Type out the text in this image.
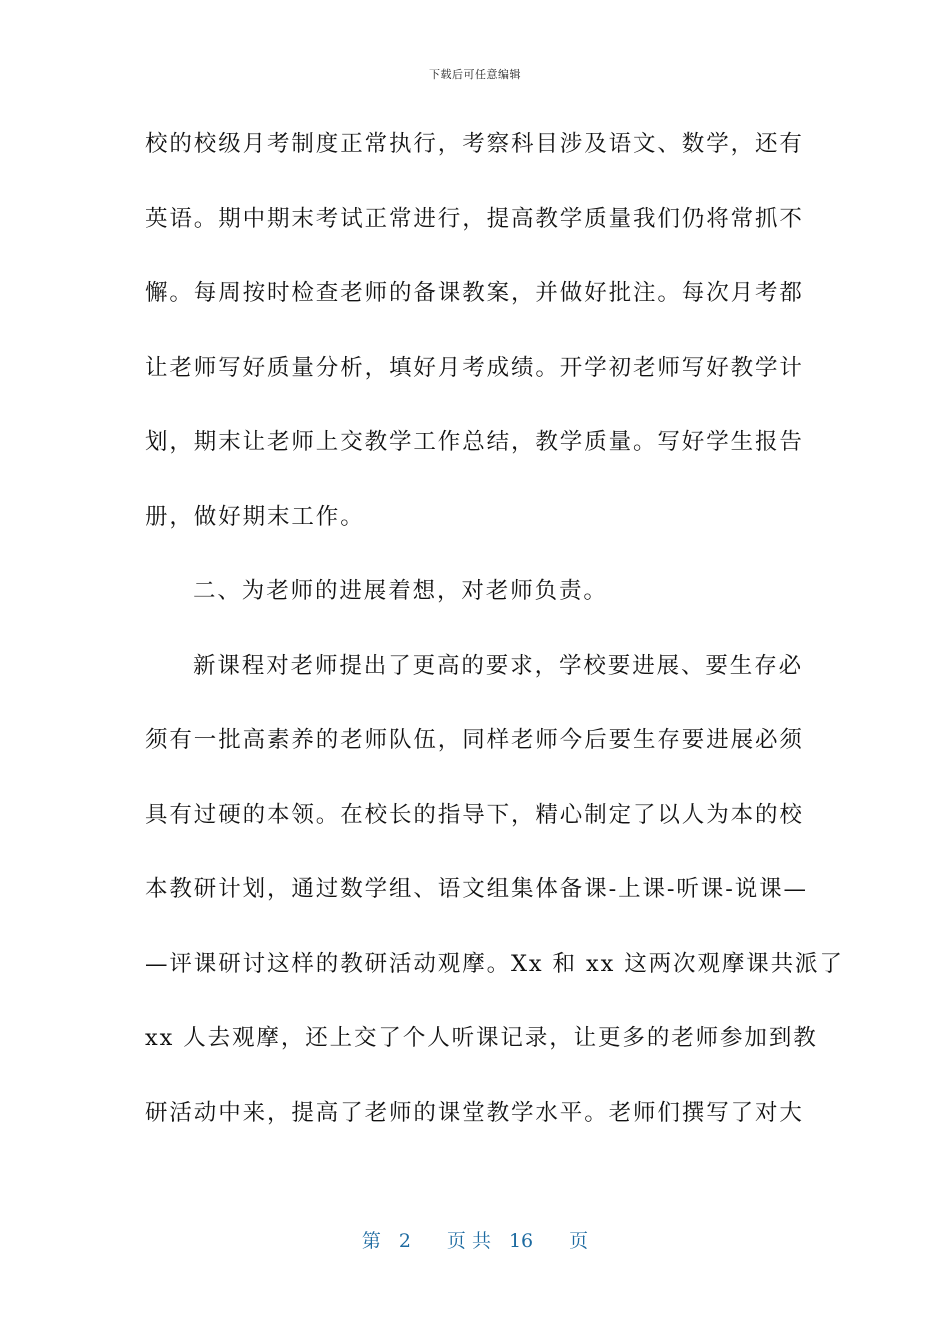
下载后可任意编辑
校的校级月考制度正常执行，考察科目涉及语文、数学，还有
英语。期中期末考试正常进行，提高教学质量我们仍将常抓不
懈。每周按时检查老师的备课教案，并做好批注。每次月考都
让老师写好质量分析，填好月考成绩。开学初老师写好教学计
划，期末让老师上交教学工作总结，教学质量。写好学生报告
册，做好期末工作。
二、为老师的进展着想，对老师负责。
新课程对老师提出了更高的要求，学校要进展、要生存必
须有一批高素养的老师队伍，同样老师今后要生存要进展必须
具有过硬的本领。在校长的指导下，精心制定了以人为本的校
本教研计划，通过数学组、语文组集体备课-上课-听课-说课—
—评课研讨这样的教研活动观摩。Xx 和 xx 这两次观摩课共派了
xx 人去观摩，还上交了个人听课记录，让更多的老师参加到教
研活动中来，提高了老师的课堂教学水平。老师们撰写了对大
第 2 页 共 16 页
